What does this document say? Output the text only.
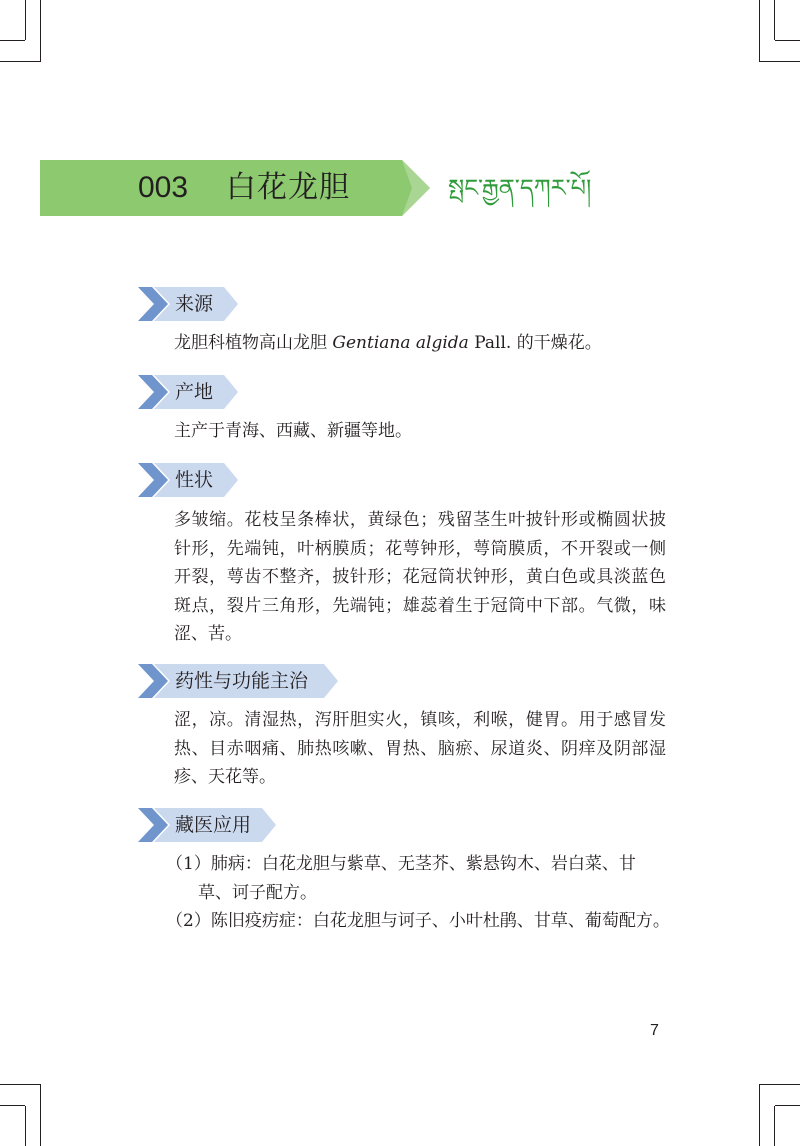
003 白花龙胆	སྤང་རྒྱན་དཀར་པོ།
来源
龙胆科植物高山龙胆 Gentiana algida Pall. 的干燥花。
产地
主产于青海、西藏、新疆等地。
性状
多皱缩。花枝呈条棒状，黄绿色；残留茎生叶披针形或椭圆状披针形，先端钝，叶柄膜质；花萼钟形，萼筒膜质，不开裂或一侧开裂，萼齿不整齐，披针形；花冠筒状钟形，黄白色或具淡蓝色斑点，裂片三角形，先端钝；雄蕊着生于冠筒中下部。气微，味涩、苦。
药性与功能主治
涩，凉。清湿热，泻肝胆实火，镇咳，利喉，健胃。用于感冒发热、目赤咽痛、肺热咳嗽、胃热、脑瘀、尿道炎、阴痒及阴部湿疹、天花等。
藏医应用
（1）肺病：白花龙胆与紫草、无茎芥、紫悬钩木、岩白菜、甘
草、诃子配方。
（2）陈旧疫疠症：白花龙胆与诃子、小叶杜鹃、甘草、葡萄配方。
7
